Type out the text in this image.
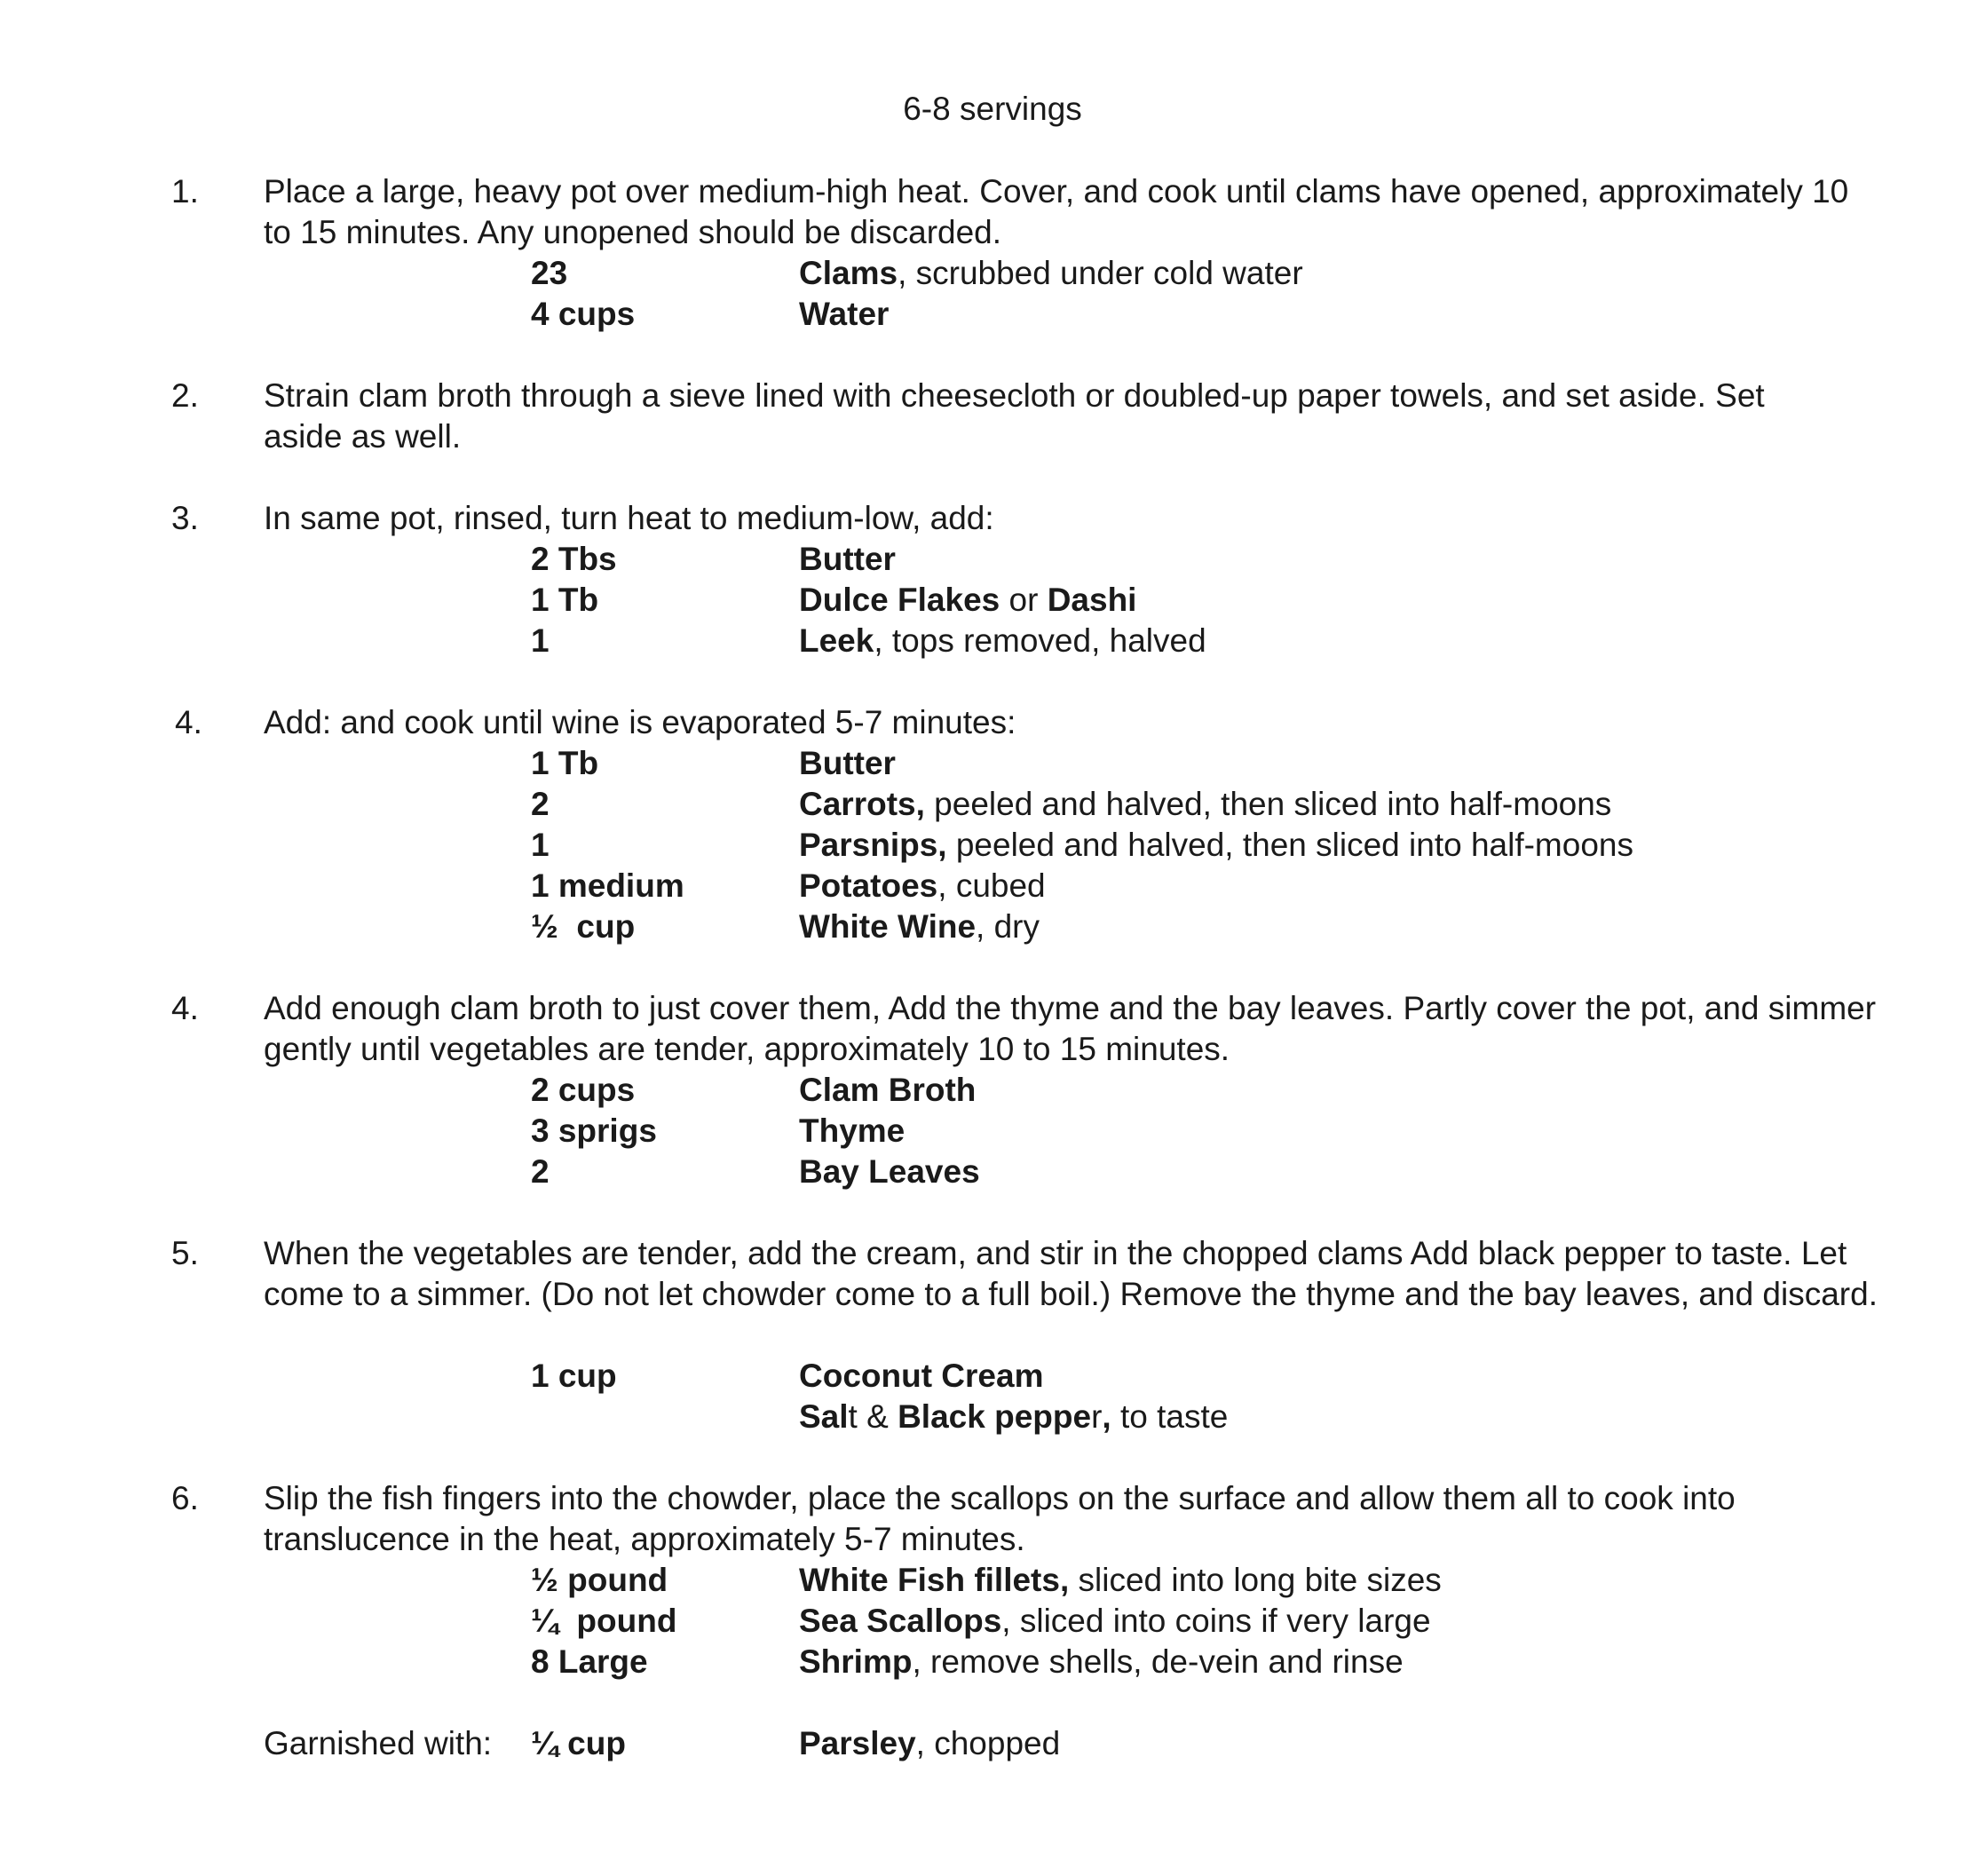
6-8 servings
1. Place a large, heavy pot over medium-high heat. Cover, and cook until clams have opened, approximately 10 to 15 minutes. Any unopened should be discarded.
23	Clams, scrubbed under cold water
4 cups	Water
2. Strain clam broth through a sieve lined with cheesecloth or doubled-up paper towels, and set aside. Set aside as well.
3. In same pot, rinsed, turn heat to medium-low, add:
2 Tbs	Butter
1 Tb	Dulce Flakes or Dashi
1	Leek, tops removed, halved
4. Add: and cook until wine is evaporated 5-7 minutes:
1 Tb	Butter
2	Carrots, peeled and halved, then sliced into half-moons
1	Parsnips, peeled and halved, then sliced into half-moons
1 medium	Potatoes, cubed
½  cup	White Wine, dry
4. Add enough clam broth to just cover them, Add the thyme and the bay leaves. Partly cover the pot, and simmer gently until vegetables are tender, approximately 10 to 15 minutes.
2 cups	Clam Broth
3 sprigs	Thyme
2	Bay Leaves
5. When the vegetables are tender, add the cream, and stir in the chopped clams Add black pepper to taste. Let come to a simmer. (Do not let chowder come to a full boil.) Remove the thyme and the bay leaves, and discard.
1 cup	Coconut Cream
Salt & Black pepper, to taste
6. Slip the fish fingers into the chowder, place the scallops on the surface and allow them all to cook into translucence in the heat, approximately 5-7 minutes.
½ pound	White Fish fillets, sliced into long bite sizes
¼  pound	Sea Scallops, sliced into coins if very large
8 Large	Shrimp, remove shells, de-vein and rinse
Garnished with: ¼ cup	Parsley, chopped
